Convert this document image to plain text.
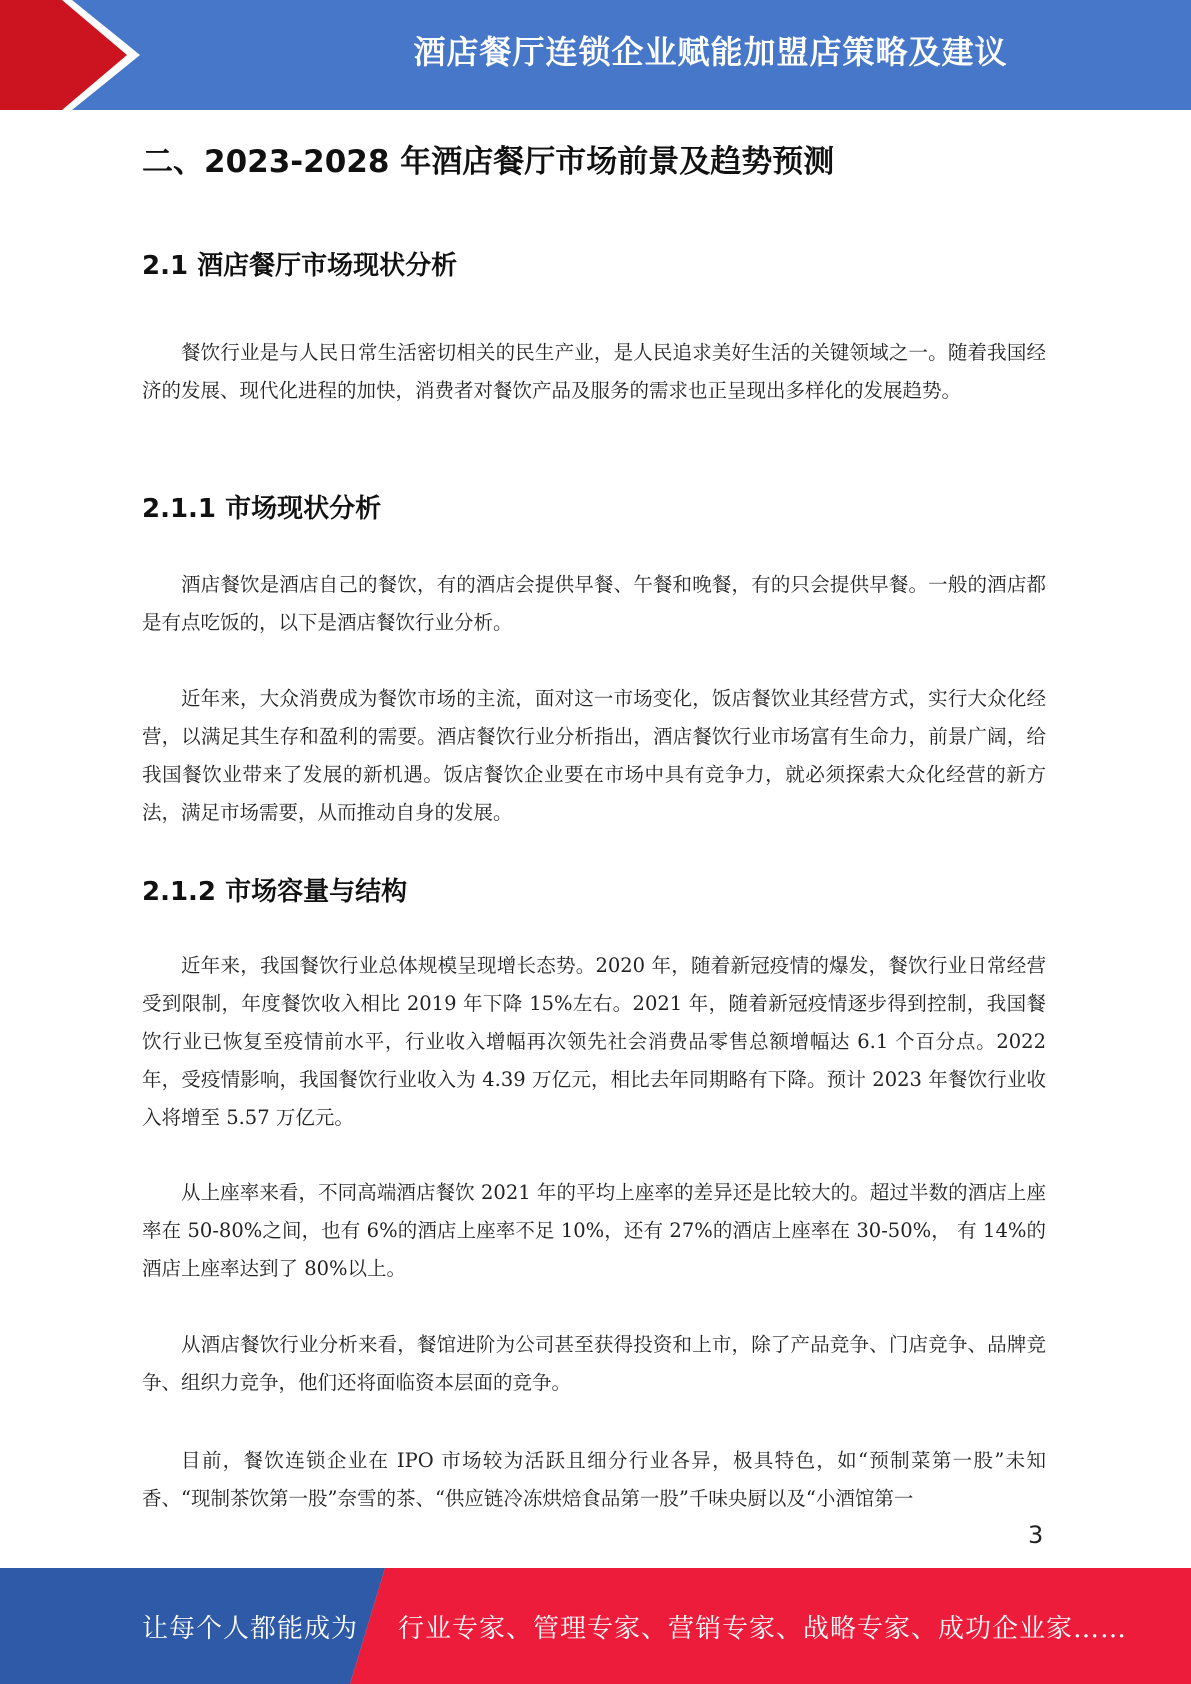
酒店餐厅连锁企业赋能加盟店策略及建议
二、2023-2028 年酒店餐厅市场前景及趋势预测
2.1 酒店餐厅市场现状分析

餐饮行业是与人民日常生活密切相关的民生产业，是人民追求美好生活的关键领域之一。随着我国经济的发展、现代化进程的加快，消费者对餐饮产品及服务的需求也正呈现出多样化的发展趋势。

2.1.1 市场现状分析

酒店餐饮是酒店自己的餐饮，有的酒店会提供早餐、午餐和晚餐，有的只会提供早餐。一般的酒店都是有点吃饭的，以下是酒店餐饮行业分析。

近年来，大众消费成为餐饮市场的主流，面对这一市场变化，饭店餐饮业其经营方式，实行大众化经营，以满足其生存和盈利的需要。酒店餐饮行业分析指出，酒店餐饮行业市场富有生命力，前景广阔，给我国餐饮业带来了发展的新机遇。饭店餐饮企业要在市场中具有竞争力，就必须探索大众化经营的新方法，满足市场需要，从而推动自身的发展。

2.1.2 市场容量与结构

近年来，我国餐饮行业总体规模呈现增长态势。2020 年，随着新冠疫情的爆发，餐饮行业日常经营受到限制，年度餐饮收入相比 2019 年下降 15%左右。2021 年，随着新冠疫情逐步得到控制，我国餐饮行业已恢复至疫情前水平，行业收入增幅再次领先社会消费品零售总额增幅达 6.1 个百分点。2022 年，受疫情影响，我国餐饮行业收入为 4.39 万亿元，相比去年同期略有下降。预计 2023 年餐饮行业收入将增至 5.57 万亿元。

从上座率来看，不同高端酒店餐饮 2021 年的平均上座率的差异还是比较大的。超过半数的酒店上座率在 50-80%之间，也有 6%的酒店上座率不足 10%，还有 27%的酒店上座率在 30-50%， 有 14%的酒店上座率达到了 80%以上。

从酒店餐饮行业分析来看，餐馆进阶为公司甚至获得投资和上市，除了产品竞争、门店竞争、品牌竞争、组织力竞争，他们还将面临资本层面的竞争。

目前，餐饮连锁企业在 IPO 市场较为活跃且细分行业各异，极具特色，如“预制菜第一股”未知香、“现制茶饮第一股”奈雪的茶、“供应链冷冻烘焙食品第一股”千味央厨以及“小酒馆第一

3
让每个人都能成为 行业专家、管理专家、营销专家、战略专家、成功企业家……
